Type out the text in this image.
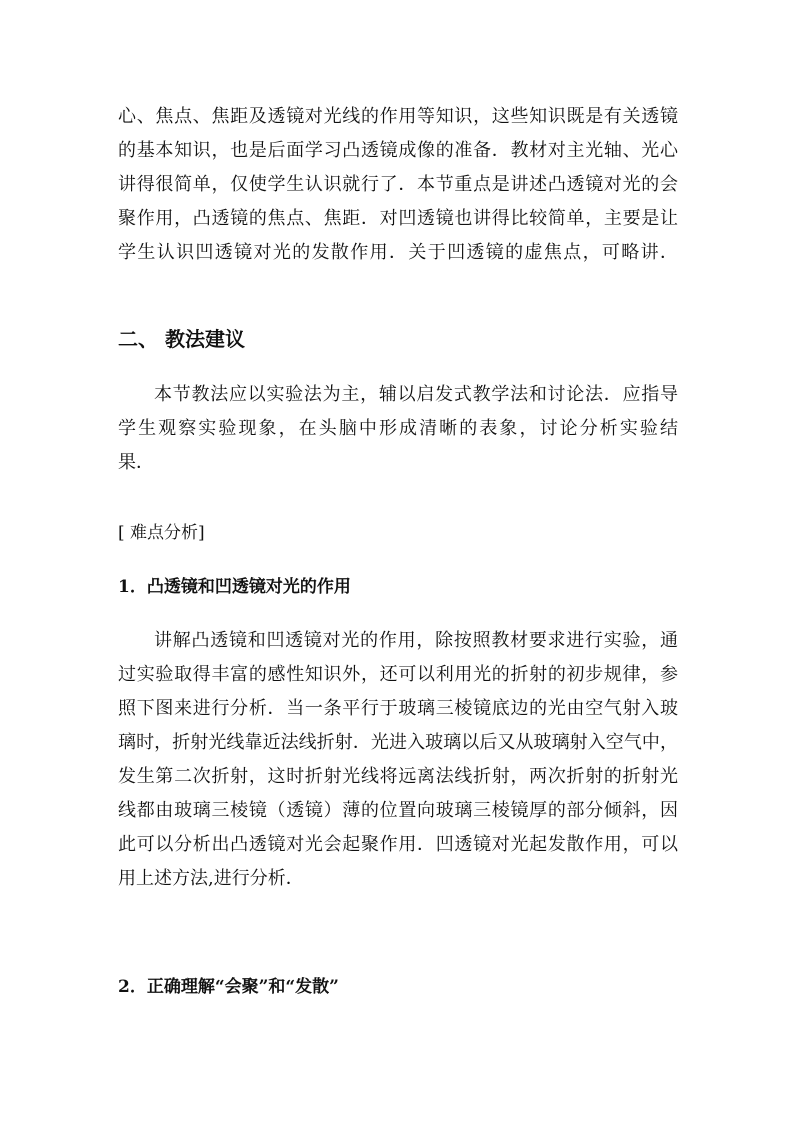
心、焦点、焦距及透镜对光线的作用等知识，这些知识既是有关透镜
的基本知识，也是后面学习凸透镜成像的准备．教材对主光轴、光心
讲得很简单，仅使学生认识就行了．本节重点是讲述凸透镜对光的会
聚作用，凸透镜的焦点、焦距．对凹透镜也讲得比较简单，主要是让
学生认识凹透镜对光的发散作用．关于凹透镜的虚焦点，可略讲．
二、 教法建议
本节教法应以实验法为主，辅以启发式教学法和讨论法．应指导
学生观察实验现象，在头脑中形成清晰的表象，讨论分析实验结
果．
[ 难点分析]
1．凸透镜和凹透镜对光的作用
讲解凸透镜和凹透镜对光的作用，除按照教材要求进行实验，通
过实验取得丰富的感性知识外，还可以利用光的折射的初步规律，参
照下图来进行分析．当一条平行于玻璃三棱镜底边的光由空气射入玻
璃时，折射光线靠近法线折射．光进入玻璃以后又从玻璃射入空气中，
发生第二次折射，这时折射光线将远离法线折射，两次折射的折射光
线都由玻璃三棱镜（透镜）薄的位置向玻璃三棱镜厚的部分倾斜，因
此可以分析出凸透镜对光会起聚作用．凹透镜对光起发散作用，可以
用上述方法,进行分析．
2．正确理解“会聚”和“发散”
